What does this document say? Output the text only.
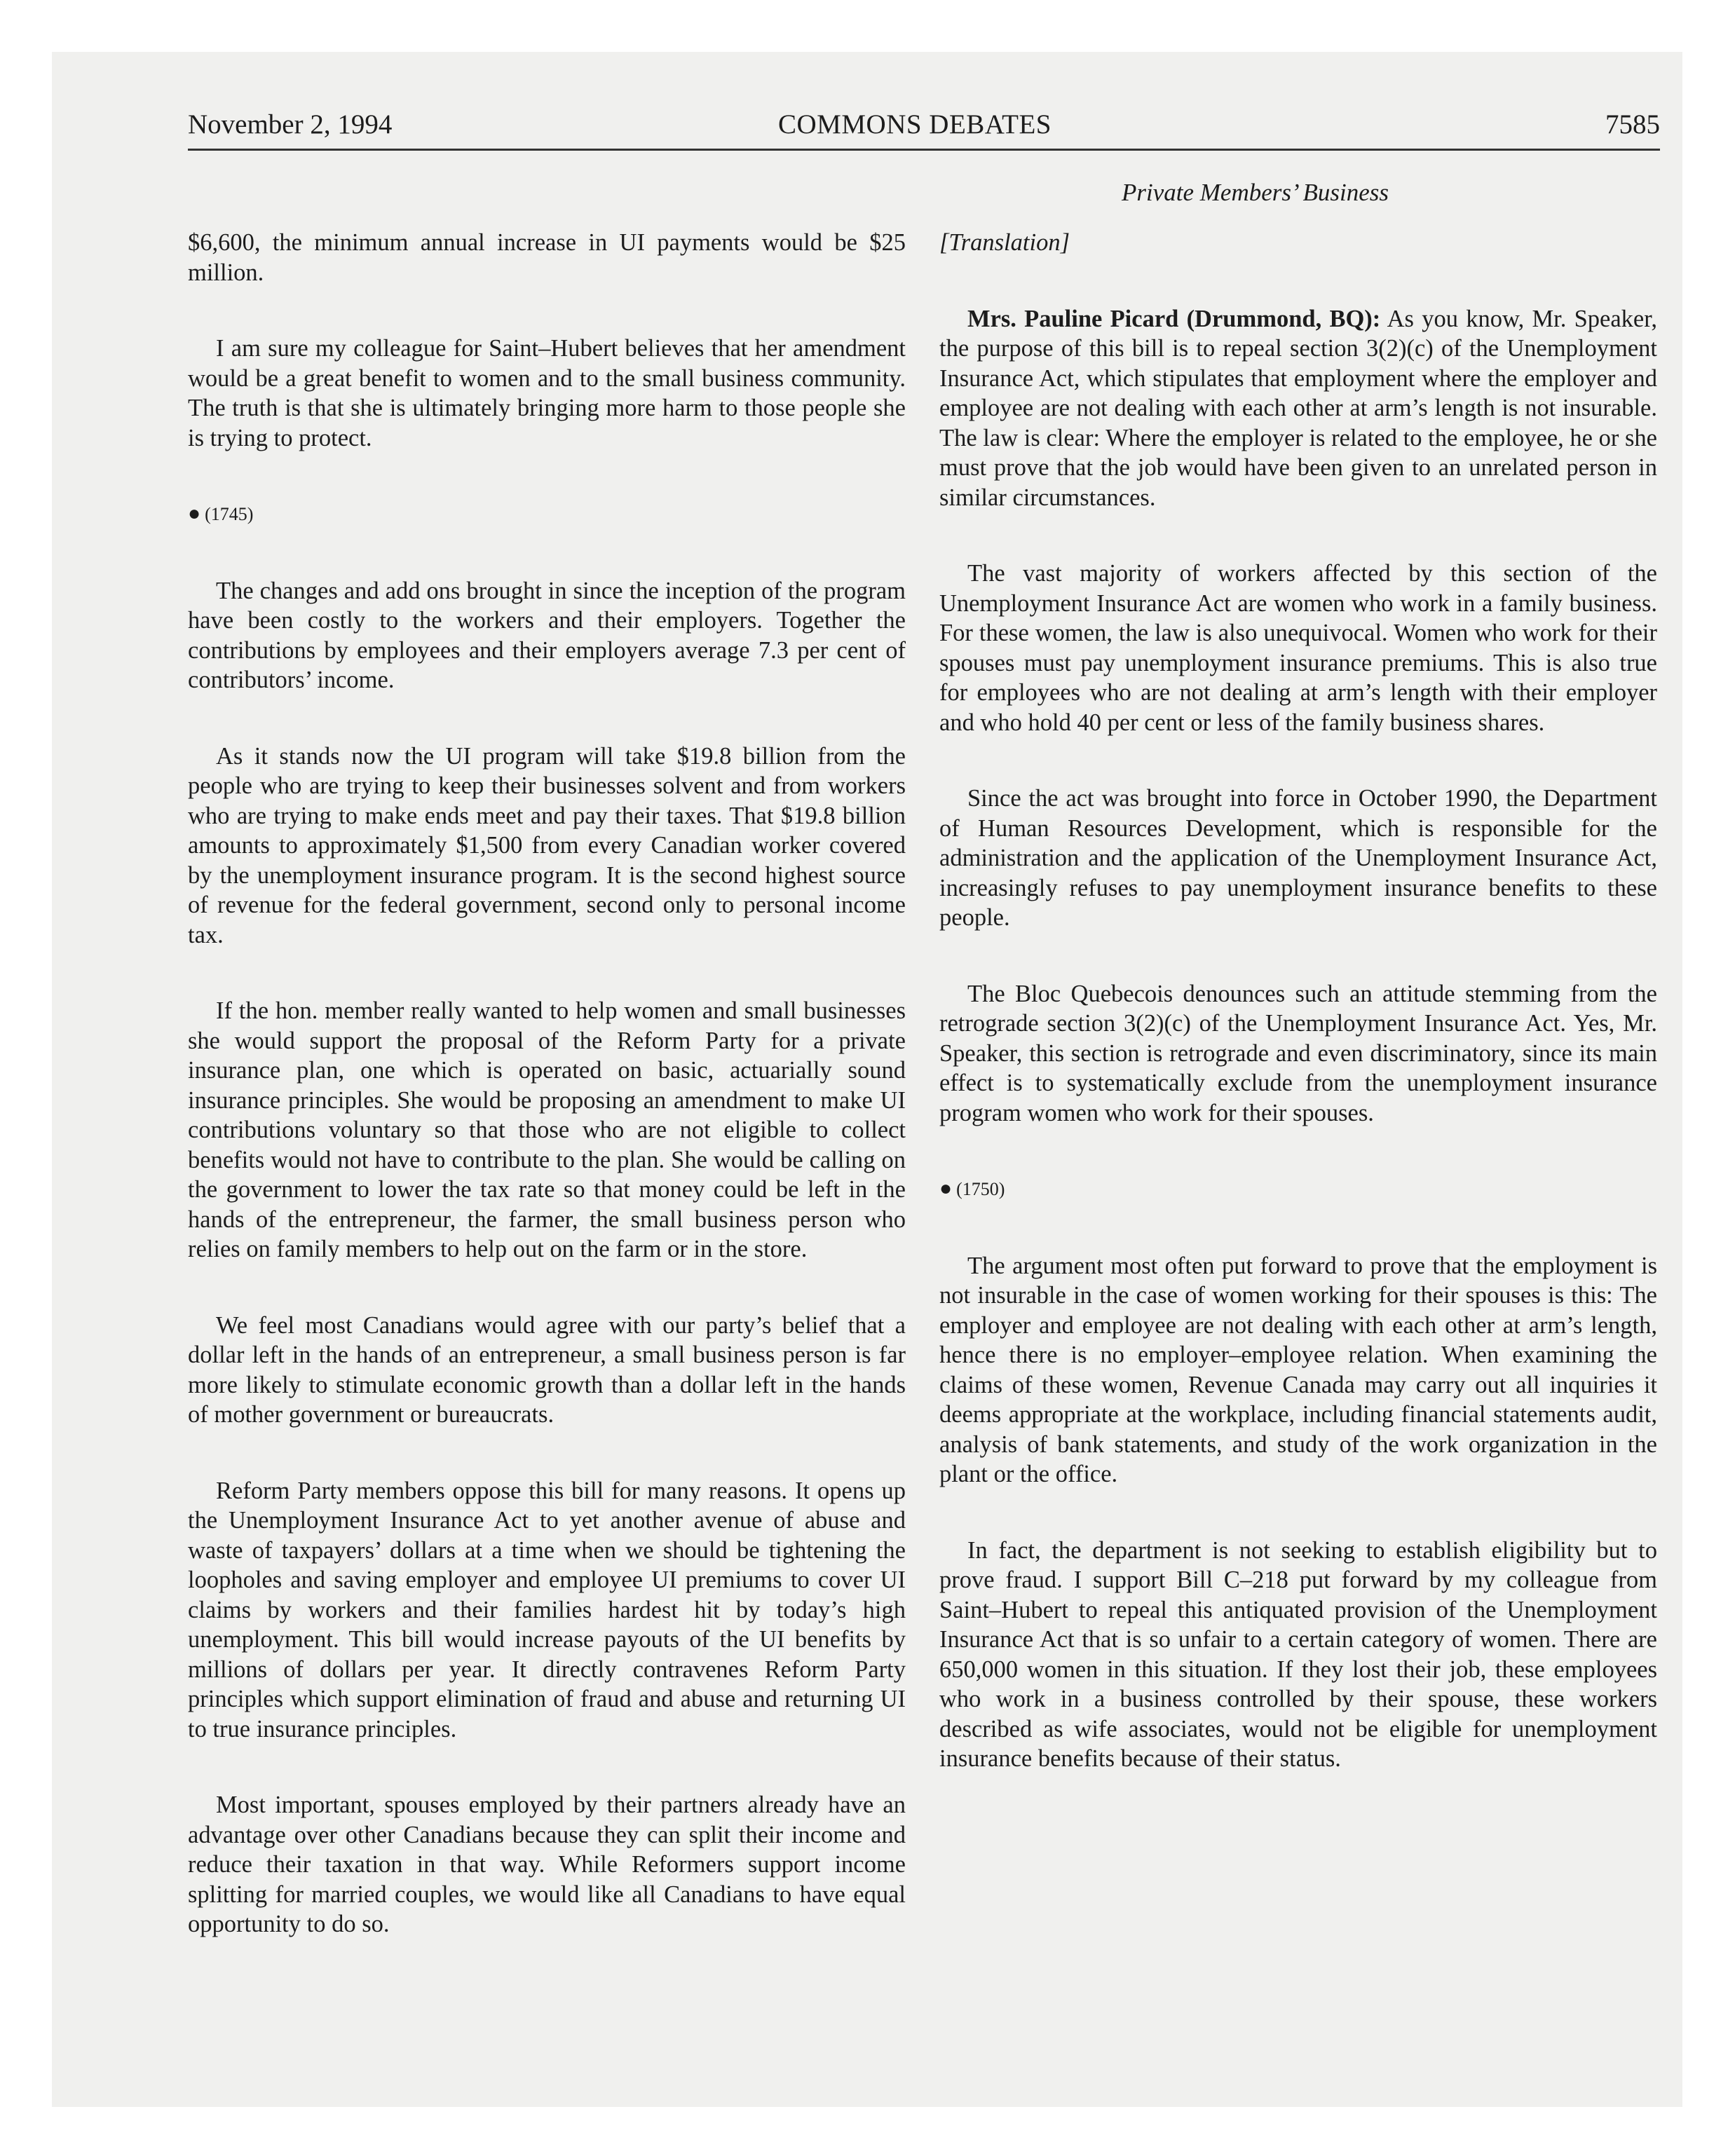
November 2, 1994	COMMONS DEBATES	7585
Private Members’ Business

$6,600, the minimum annual increase in UI payments would be $25 million.

I am sure my colleague for Saint–Hubert believes that her amendment would be a great benefit to women and to the small business community. The truth is that she is ultimately bringing more harm to those people she is trying to protect.

● (1745)

The changes and add ons brought in since the inception of the program have been costly to the workers and their employers. Together the contributions by employees and their employers average 7.3 per cent of contributors’ income.

As it stands now the UI program will take $19.8 billion from the people who are trying to keep their businesses solvent and from workers who are trying to make ends meet and pay their taxes. That $19.8 billion amounts to approximately $1,500 from every Canadian worker covered by the unemployment insurance program. It is the second highest source of revenue for the federal government, second only to personal income tax.

If the hon. member really wanted to help women and small businesses she would support the proposal of the Reform Party for a private insurance plan, one which is operated on basic, actuarially sound insurance principles. She would be proposing an amendment to make UI contributions voluntary so that those who are not eligible to collect benefits would not have to contribute to the plan. She would be calling on the government to lower the tax rate so that money could be left in the hands of the entrepreneur, the farmer, the small business person who relies on family members to help out on the farm or in the store.

We feel most Canadians would agree with our party’s belief that a dollar left in the hands of an entrepreneur, a small business person is far more likely to stimulate economic growth than a dollar left in the hands of mother government or bureaucrats.

Reform Party members oppose this bill for many reasons. It opens up the Unemployment Insurance Act to yet another avenue of abuse and waste of taxpayers’ dollars at a time when we should be tightening the loopholes and saving employer and employee UI premiums to cover UI claims by workers and their families hardest hit by today’s high unemployment. This bill would increase payouts of the UI benefits by millions of dollars per year. It directly contravenes Reform Party principles which support elimination of fraud and abuse and returning UI to true insurance principles.

Most important, spouses employed by their partners already have an advantage over other Canadians because they can split their income and reduce their taxation in that way. While Reformers support income splitting for married couples, we would like all Canadians to have equal opportunity to do so.

[Translation]

Mrs. Pauline Picard (Drummond, BQ): As you know, Mr. Speaker, the purpose of this bill is to repeal section 3(2)(c) of the Unemployment Insurance Act, which stipulates that employment where the employer and employee are not dealing with each other at arm’s length is not insurable. The law is clear: Where the employer is related to the employee, he or she must prove that the job would have been given to an unrelated person in similar circumstances.

The vast majority of workers affected by this section of the Unemployment Insurance Act are women who work in a family business. For these women, the law is also unequivocal. Women who work for their spouses must pay unemployment insurance premiums. This is also true for employees who are not dealing at arm’s length with their employer and who hold 40 per cent or less of the family business shares.

Since the act was brought into force in October 1990, the Department of Human Resources Development, which is responsible for the administration and the application of the Unemployment Insurance Act, increasingly refuses to pay unemployment insurance benefits to these people.

The Bloc Quebecois denounces such an attitude stemming from the retrograde section 3(2)(c) of the Unemployment Insurance Act. Yes, Mr. Speaker, this section is retrograde and even discriminatory, since its main effect is to systematically exclude from the unemployment insurance program women who work for their spouses.

● (1750)

The argument most often put forward to prove that the employment is not insurable in the case of women working for their spouses is this: The employer and employee are not dealing with each other at arm’s length, hence there is no employer–employee relation. When examining the claims of these women, Revenue Canada may carry out all inquiries it deems appropriate at the workplace, including financial statements audit, analysis of bank statements, and study of the work organization in the plant or the office.

In fact, the department is not seeking to establish eligibility but to prove fraud. I support Bill C–218 put forward by my colleague from Saint–Hubert to repeal this antiquated provision of the Unemployment Insurance Act that is so unfair to a certain category of women. There are 650,000 women in this situation. If they lost their job, these employees who work in a business controlled by their spouse, these workers described as wife associates, would not be eligible for unemployment insurance benefits because of their status.
